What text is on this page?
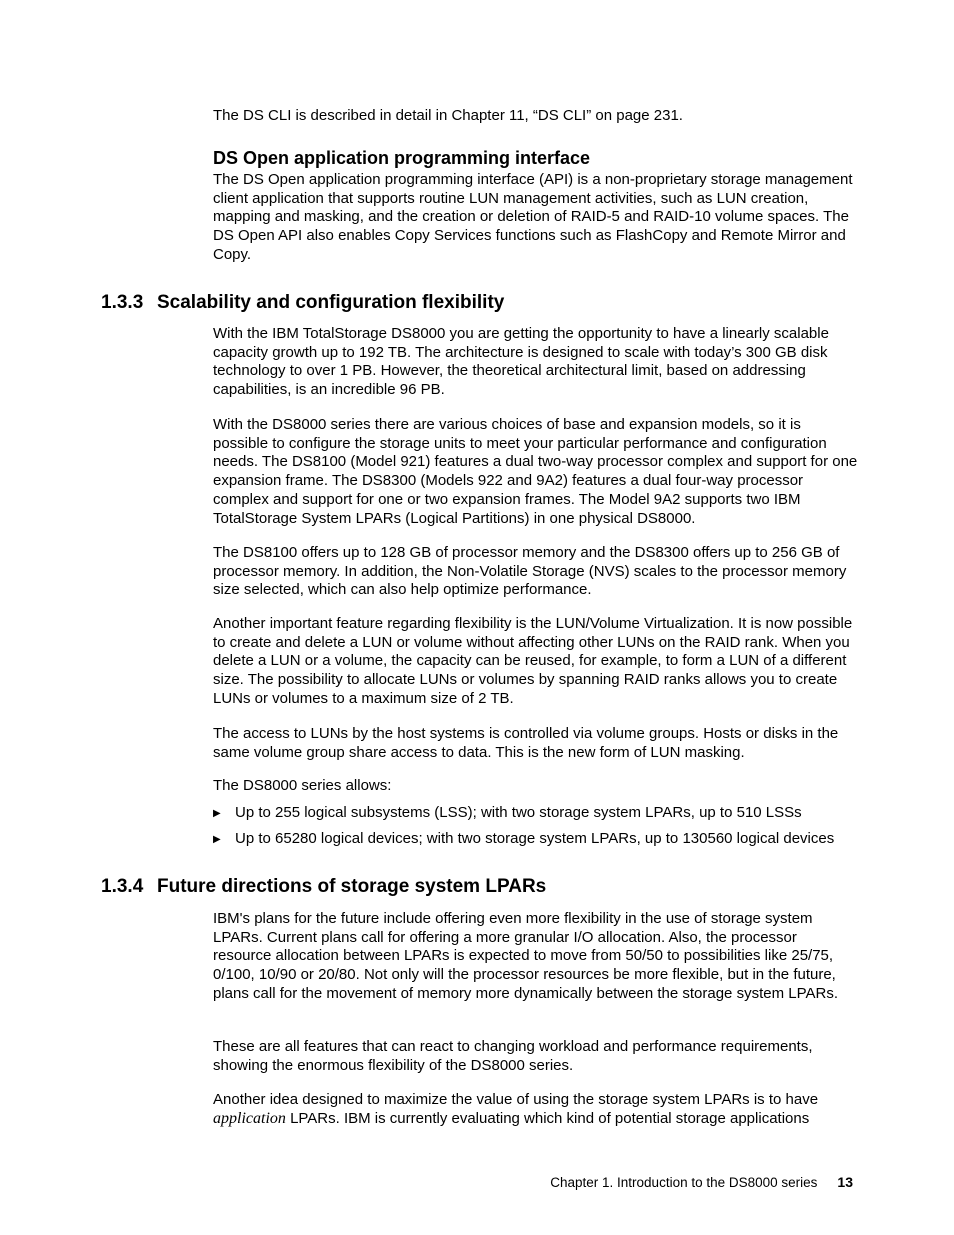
The DS CLI is described in detail in Chapter 11, “DS CLI” on page 231.

DS Open application programming interface

The DS Open application programming interface (API) is a non-proprietary storage management client application that supports routine LUN management activities, such as LUN creation, mapping and masking, and the creation or deletion of RAID-5 and RAID-10 volume spaces. The DS Open API also enables Copy Services functions such as FlashCopy and Remote Mirror and Copy.

1.3.3 Scalability and configuration flexibility

With the IBM TotalStorage DS8000 you are getting the opportunity to have a linearly scalable capacity growth up to 192 TB. The architecture is designed to scale with today’s 300 GB disk technology to over 1 PB. However, the theoretical architectural limit, based on addressing capabilities, is an incredible 96 PB.

With the DS8000 series there are various choices of base and expansion models, so it is possible to configure the storage units to meet your particular performance and configuration needs. The DS8100 (Model 921) features a dual two-way processor complex and support for one expansion frame. The DS8300 (Models 922 and 9A2) features a dual four-way processor complex and support for one or two expansion frames. The Model 9A2 supports two IBM TotalStorage System LPARs (Logical Partitions) in one physical DS8000.

The DS8100 offers up to 128 GB of processor memory and the DS8300 offers up to 256 GB of processor memory. In addition, the Non-Volatile Storage (NVS) scales to the processor memory size selected, which can also help optimize performance.

Another important feature regarding flexibility is the LUN/Volume Virtualization. It is now possible to create and delete a LUN or volume without affecting other LUNs on the RAID rank. When you delete a LUN or a volume, the capacity can be reused, for example, to form a LUN of a different size. The possibility to allocate LUNs or volumes by spanning RAID ranks allows you to create LUNs or volumes to a maximum size of 2 TB.

The access to LUNs by the host systems is controlled via volume groups. Hosts or disks in the same volume group share access to data. This is the new form of LUN masking.

The DS8000 series allows:

▶ Up to 255 logical subsystems (LSS); with two storage system LPARs, up to 510 LSSs
▶ Up to 65280 logical devices; with two storage system LPARs, up to 130560 logical devices
1.3.4 Future directions of storage system LPARs

IBM's plans for the future include offering even more flexibility in the use of storage system LPARs. Current plans call for offering a more granular I/O allocation. Also, the processor resource allocation between LPARs is expected to move from 50/50 to possibilities like 25/75, 0/100, 10/90 or 20/80. Not only will the processor resources be more flexible, but in the future, plans call for the movement of memory more dynamically between the storage system LPARs.

These are all features that can react to changing workload and performance requirements, showing the enormous flexibility of the DS8000 series.

Another idea designed to maximize the value of using the storage system LPARs is to have application LPARs. IBM is currently evaluating which kind of potential storage applications

Chapter 1. Introduction to the DS8000 series 13
